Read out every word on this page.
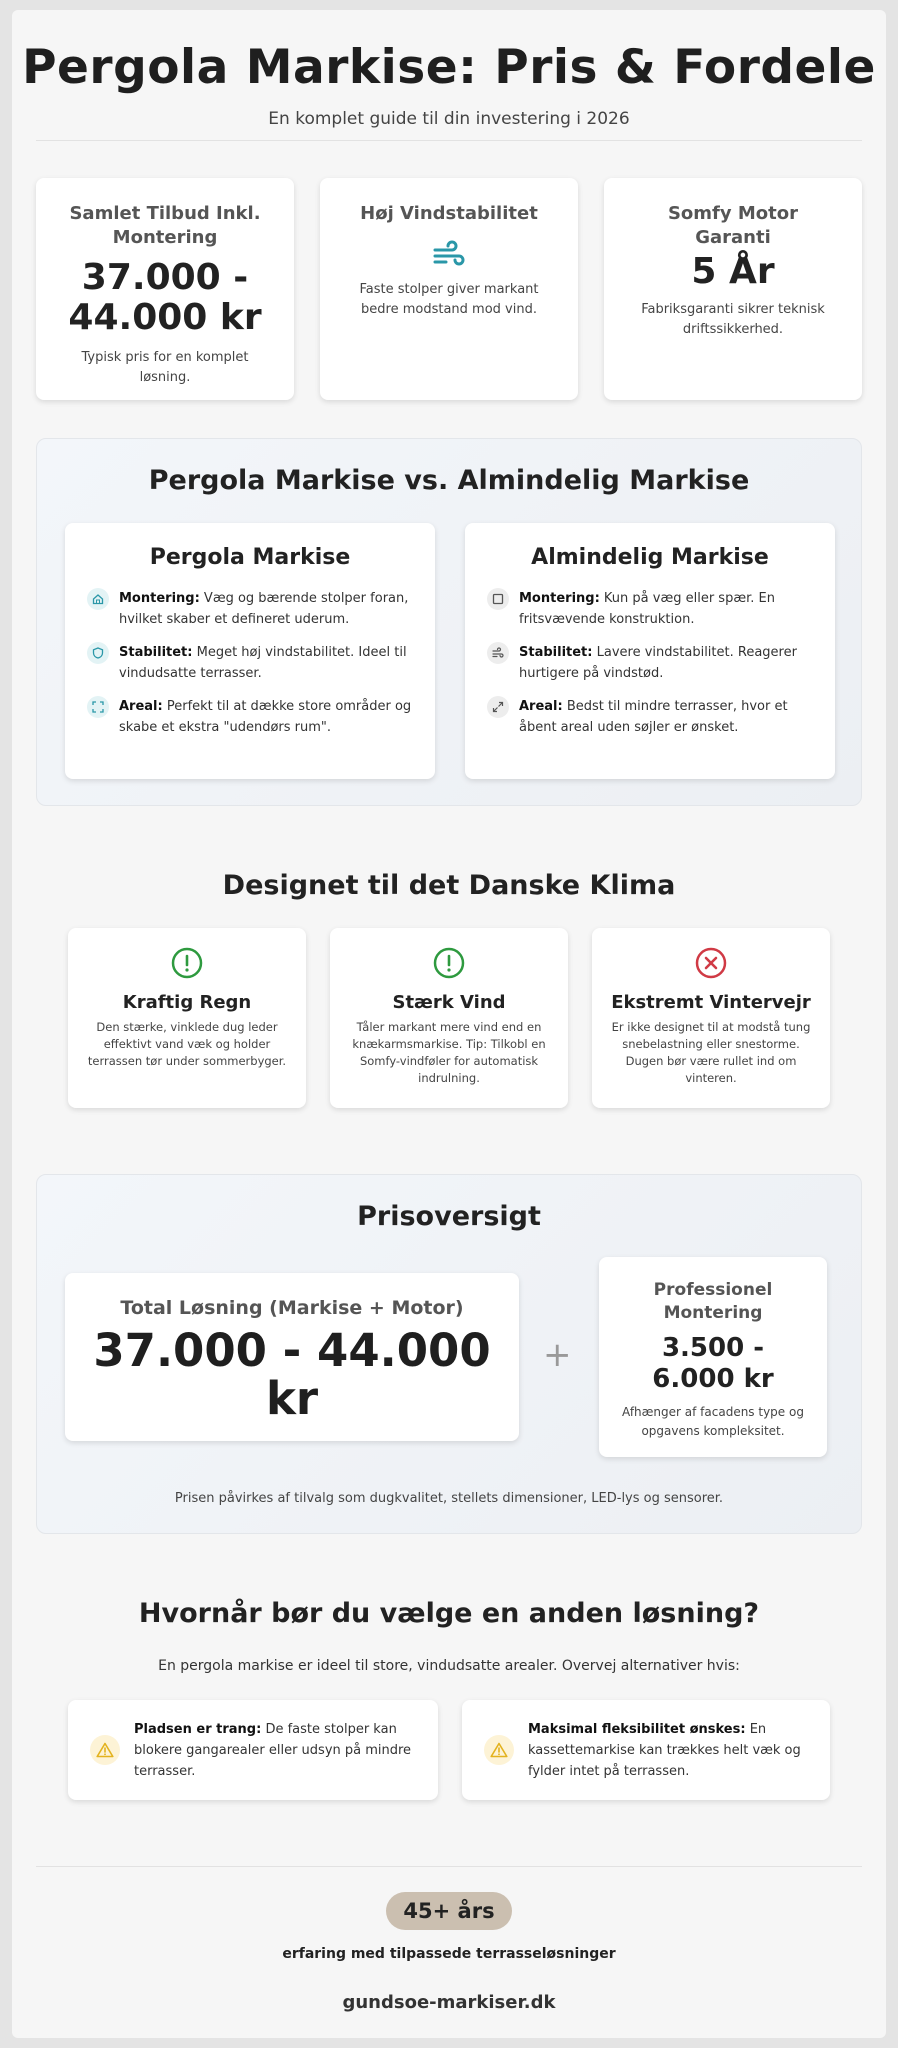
Pergola Markise: Pris & Fordele
En komplet guide til din investering i 2026
Samlet Tilbud Inkl. Montering
37.000 - 44.000 kr
Typisk pris for en komplet løsning.
Høj Vindstabilitet
Faste stolper giver markant bedre modstand mod vind.
Somfy Motor Garanti
5 År
Fabriksgaranti sikrer teknisk driftssikkerhed.
Pergola Markise vs. Almindelig Markise
Pergola Markise
Montering: Væg og bærende stolper foran, hvilket skaber et defineret uderum.
Stabilitet: Meget høj vindstabilitet. Ideel til vindudsatte terrasser.
Areal: Perfekt til at dække store områder og skabe et ekstra "udendørs rum".
Almindelig Markise
Montering: Kun på væg eller spær. En fritsvævende konstruktion.
Stabilitet: Lavere vindstabilitet. Reagerer hurtigere på vindstød.
Areal: Bedst til mindre terrasser, hvor et åbent areal uden søjler er ønsket.
Designet til det Danske Klima
Kraftig Regn
Den stærke, vinklede dug leder effektivt vand væk og holder terrassen tør under sommerbyger.
Stærk Vind
Tåler markant mere vind end en knækarmsmarkise. Tip: Tilkobl en Somfy-vindføler for automatisk indrulning.
Ekstremt Vintervejr
Er ikke designet til at modstå tung snebelastning eller snestorme. Dugen bør være rullet ind om vinteren.
Prisoversigt
Total Løsning (Markise + Motor)
37.000 - 44.000 kr
+
Professionel Montering
3.500 - 6.000 kr
Afhænger af facadens type og opgavens kompleksitet.
Prisen påvirkes af tilvalg som dugkvalitet, stellets dimensioner, LED-lys og sensorer.
Hvornår bør du vælge en anden løsning?
En pergola markise er ideel til store, vindudsatte arealer. Overvej alternativer hvis:
Pladsen er trang: De faste stolper kan blokere gangarealer eller udsyn på mindre terrasser.
Maksimal fleksibilitet ønskes: En kassettemarkise kan trækkes helt væk og fylder intet på terrassen.
45+ års
erfaring med tilpassede terrasseløsninger
gundsoe-markiser.dk
